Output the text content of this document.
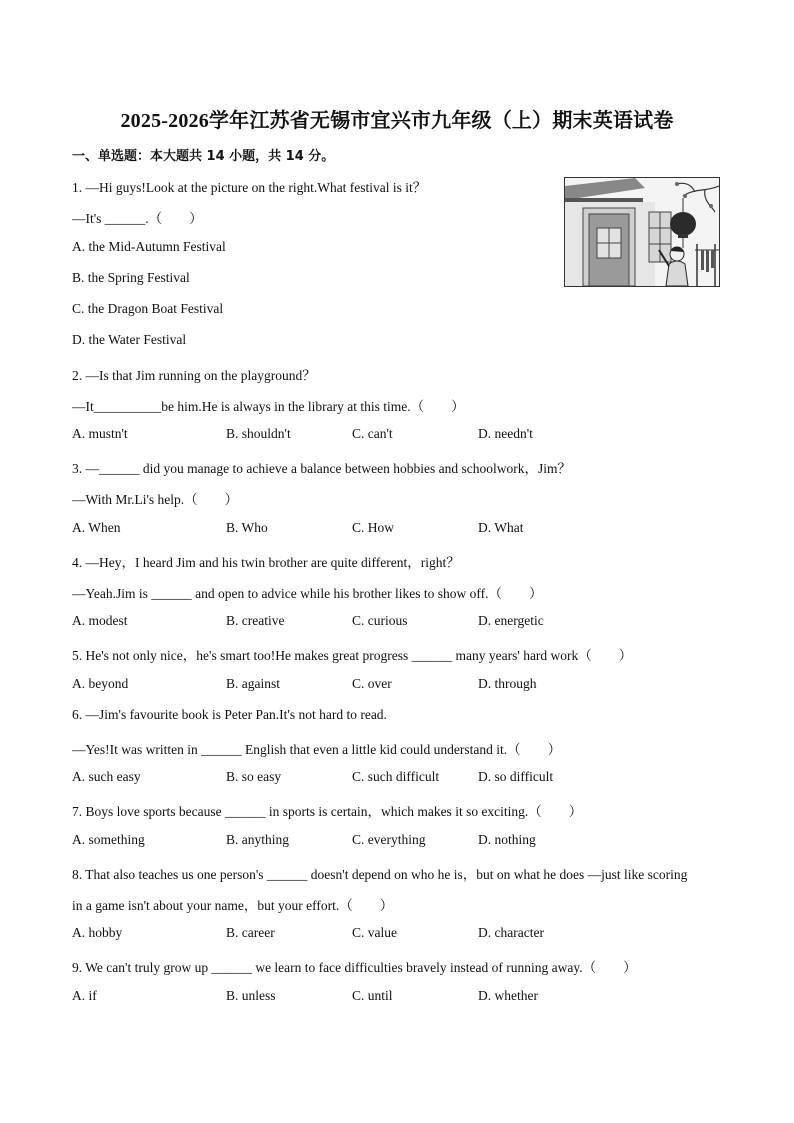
2025-2026学年江苏省无锡市宜兴市九年级（上）期末英语试卷
一、单选题：本大题共 14 小题，共 14 分。
1. —Hi guys!Look at the picture on the right.What festival is it？
—It's ______.（　　）
A. the Mid-Autumn Festival
B. the Spring Festival
C. the Dragon Boat Festival
D. the Water Festival
2. —Is that Jim running on the playground？
—It__________be him.He is always in the library at this time.（　　）
A. mustn't	B. shouldn't	C. can't	D. needn't
3. —______ did you manage to achieve a balance between hobbies and schoolwork，Jim？
—With Mr.Li's help.（　　）
A. When	B. Who	C. How	D. What
4. —Hey，I heard Jim and his twin brother are quite different，right？
—Yeah.Jim is ______ and open to advice while his brother likes to show off.（　　）
A. modest	B. creative	C. curious	D. energetic
5. He's not only nice，he's smart too!He makes great progress ______ many years' hard work（　　）
A. beyond	B. against	C. over	D. through
6. —Jim's favourite book is Peter Pan.It's not hard to read.
—Yes!It was written in ______ English that even a little kid could understand it.（　　）
A. such easy	B. so easy	C. such difficult	D. so difficult
7. Boys love sports because ______ in sports is certain，which makes it so exciting.（　　）
A. something	B. anything	C. everything	D. nothing
8. That also teaches us one person's ______ doesn't depend on who he is，but on what he does —just like scoring
in a game isn't about your name，but your effort.（　　）
A. hobby	B. career	C. value	D. character
9. We can't truly grow up ______ we learn to face difficulties bravely instead of running away.（　　）
A. if	B. unless	C. until	D. whether
